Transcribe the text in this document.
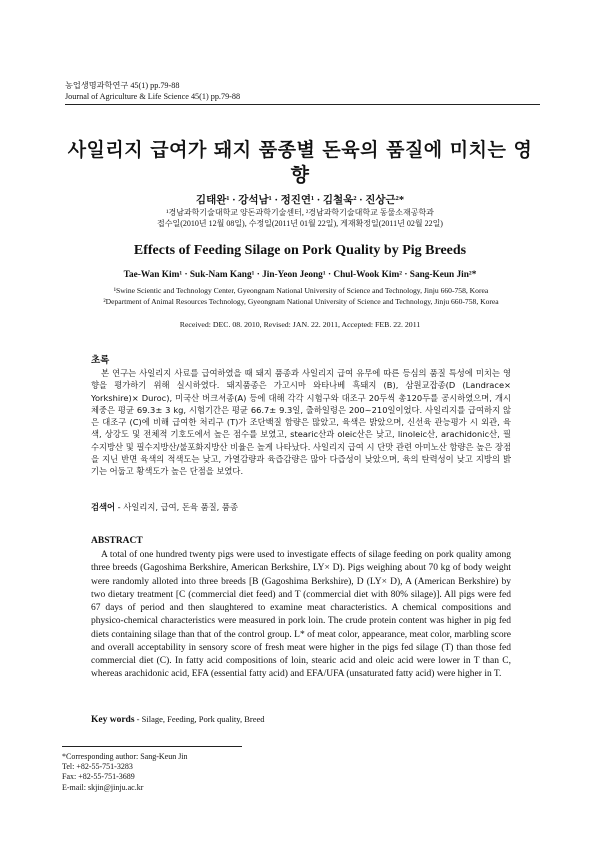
농업생명과학연구 45(1) pp.79-88
Journal of Agriculture & Life Science 45(1) pp.79-88
사일리지 급여가 돼지 품종별 돈육의 품질에 미치는 영향
김태완¹ · 강석남¹ · 정진연¹ · 김철욱² · 진상근²*
¹경남과학기술대학교 양돈과학기술센터, ²경남과학기술대학교 동물소재공학과
접수일(2010년 12월 08일), 수정일(2011년 01월 22일), 게재확정일(2011년 02월 22일)
Effects of Feeding Silage on Pork Quality by Pig Breeds
Tae-Wan Kim¹ · Suk-Nam Kang¹ · Jin-Yeon Jeong¹ · Chul-Wook Kim² · Sang-Keun Jin²*
¹Swine Scientic and Technology Center, Gyeongnam National University of Science and Technology, Jinju 660-758, Korea
²Department of Animal Resources Technology, Gyeongnam National University of Science and Technology, Jinju 660-758, Korea
Received: DEC. 08. 2010, Revised: JAN. 22. 2011, Accepted: FEB. 22. 2011
초록
본 연구는 사일리지 사료를 급여하였을 때 돼지 품종과 사일리지 급여 유무에 따른 등심의 품질 특성에 미치는 영향을 평가하기 위해 실시하였다. 돼지품종은 가고시마 와타나베 흑돼지 (B), 삼원교잡종(D (Landrace× Yorkshire)× Duroc), 미국산 버크셔종(A) 등에 대해 각각 시험구와 대조구 20두씩 총120두를 공시하였으며, 개시체중은 평균 69.3± 3 kg, 시험기간은 평균 66.7± 9.3일, 출하일령은 200~210일이었다. 사일리지를 급여하지 않은 대조구 (C)에 비해 급여한 처리구 (T)가 조단백질 함량은 많았고, 육색은 밝았으며, 신선육 관능평가 시 외관, 육색, 상강도 및 전체적 기호도에서 높은 점수를 보였고, stearic산과 oleic산은 낮고, linoleic산, arachidonic산, 필수지방산 및 필수지방산/불포화지방산 비율은 높게 나타났다. 사일리지 급여 시 단맛 관련 아미노산 함량은 높은 장점을 지닌 반면 육색의 적색도는 낮고, 가열감량과 육즙감량은 많아 다즙성이 낮았으며, 육의 탄력성이 낮고 지방의 밝기는 어둡고 황색도가 높은 단점을 보였다.
검색어 - 사일리지, 급여, 돈육 품질, 품종
ABSTRACT
A total of one hundred twenty pigs were used to investigate effects of silage feeding on pork quality among three breeds (Gagoshima Berkshire, American Berkshire, LY× D). Pigs weighing about 70 kg of body weight were randomly alloted into three breeds [B (Gagoshima Berkshire), D (LY× D), A (American Berkshire) by two dietary treatment [C (commercial diet feed) and T (commercial diet with 80% silage)]. All pigs were fed 67 days of period and then slaughtered to examine meat characteristics. A chemical compositions and physico-chemical characteristics were measured in pork loin. The crude protein content was higher in pig fed diets containing silage than that of the control group. L* of meat color, appearance, meat color, marbling score and overall acceptability in sensory score of fresh meat were higher in the pigs fed silage (T) than those fed commercial diet (C). In fatty acid compositions of loin, stearic acid and oleic acid were lower in T than C, whereas arachidonic acid, EFA (essential fatty acid) and EFA/UFA (unsaturated fatty acid) were higher in T.
Key words - Silage, Feeding, Pork quality, Breed
*Corresponding author: Sang-Keun Jin
Tel: +82-55-751-3283
Fax: +82-55-751-3689
E-mail: skjin@jinju.ac.kr
